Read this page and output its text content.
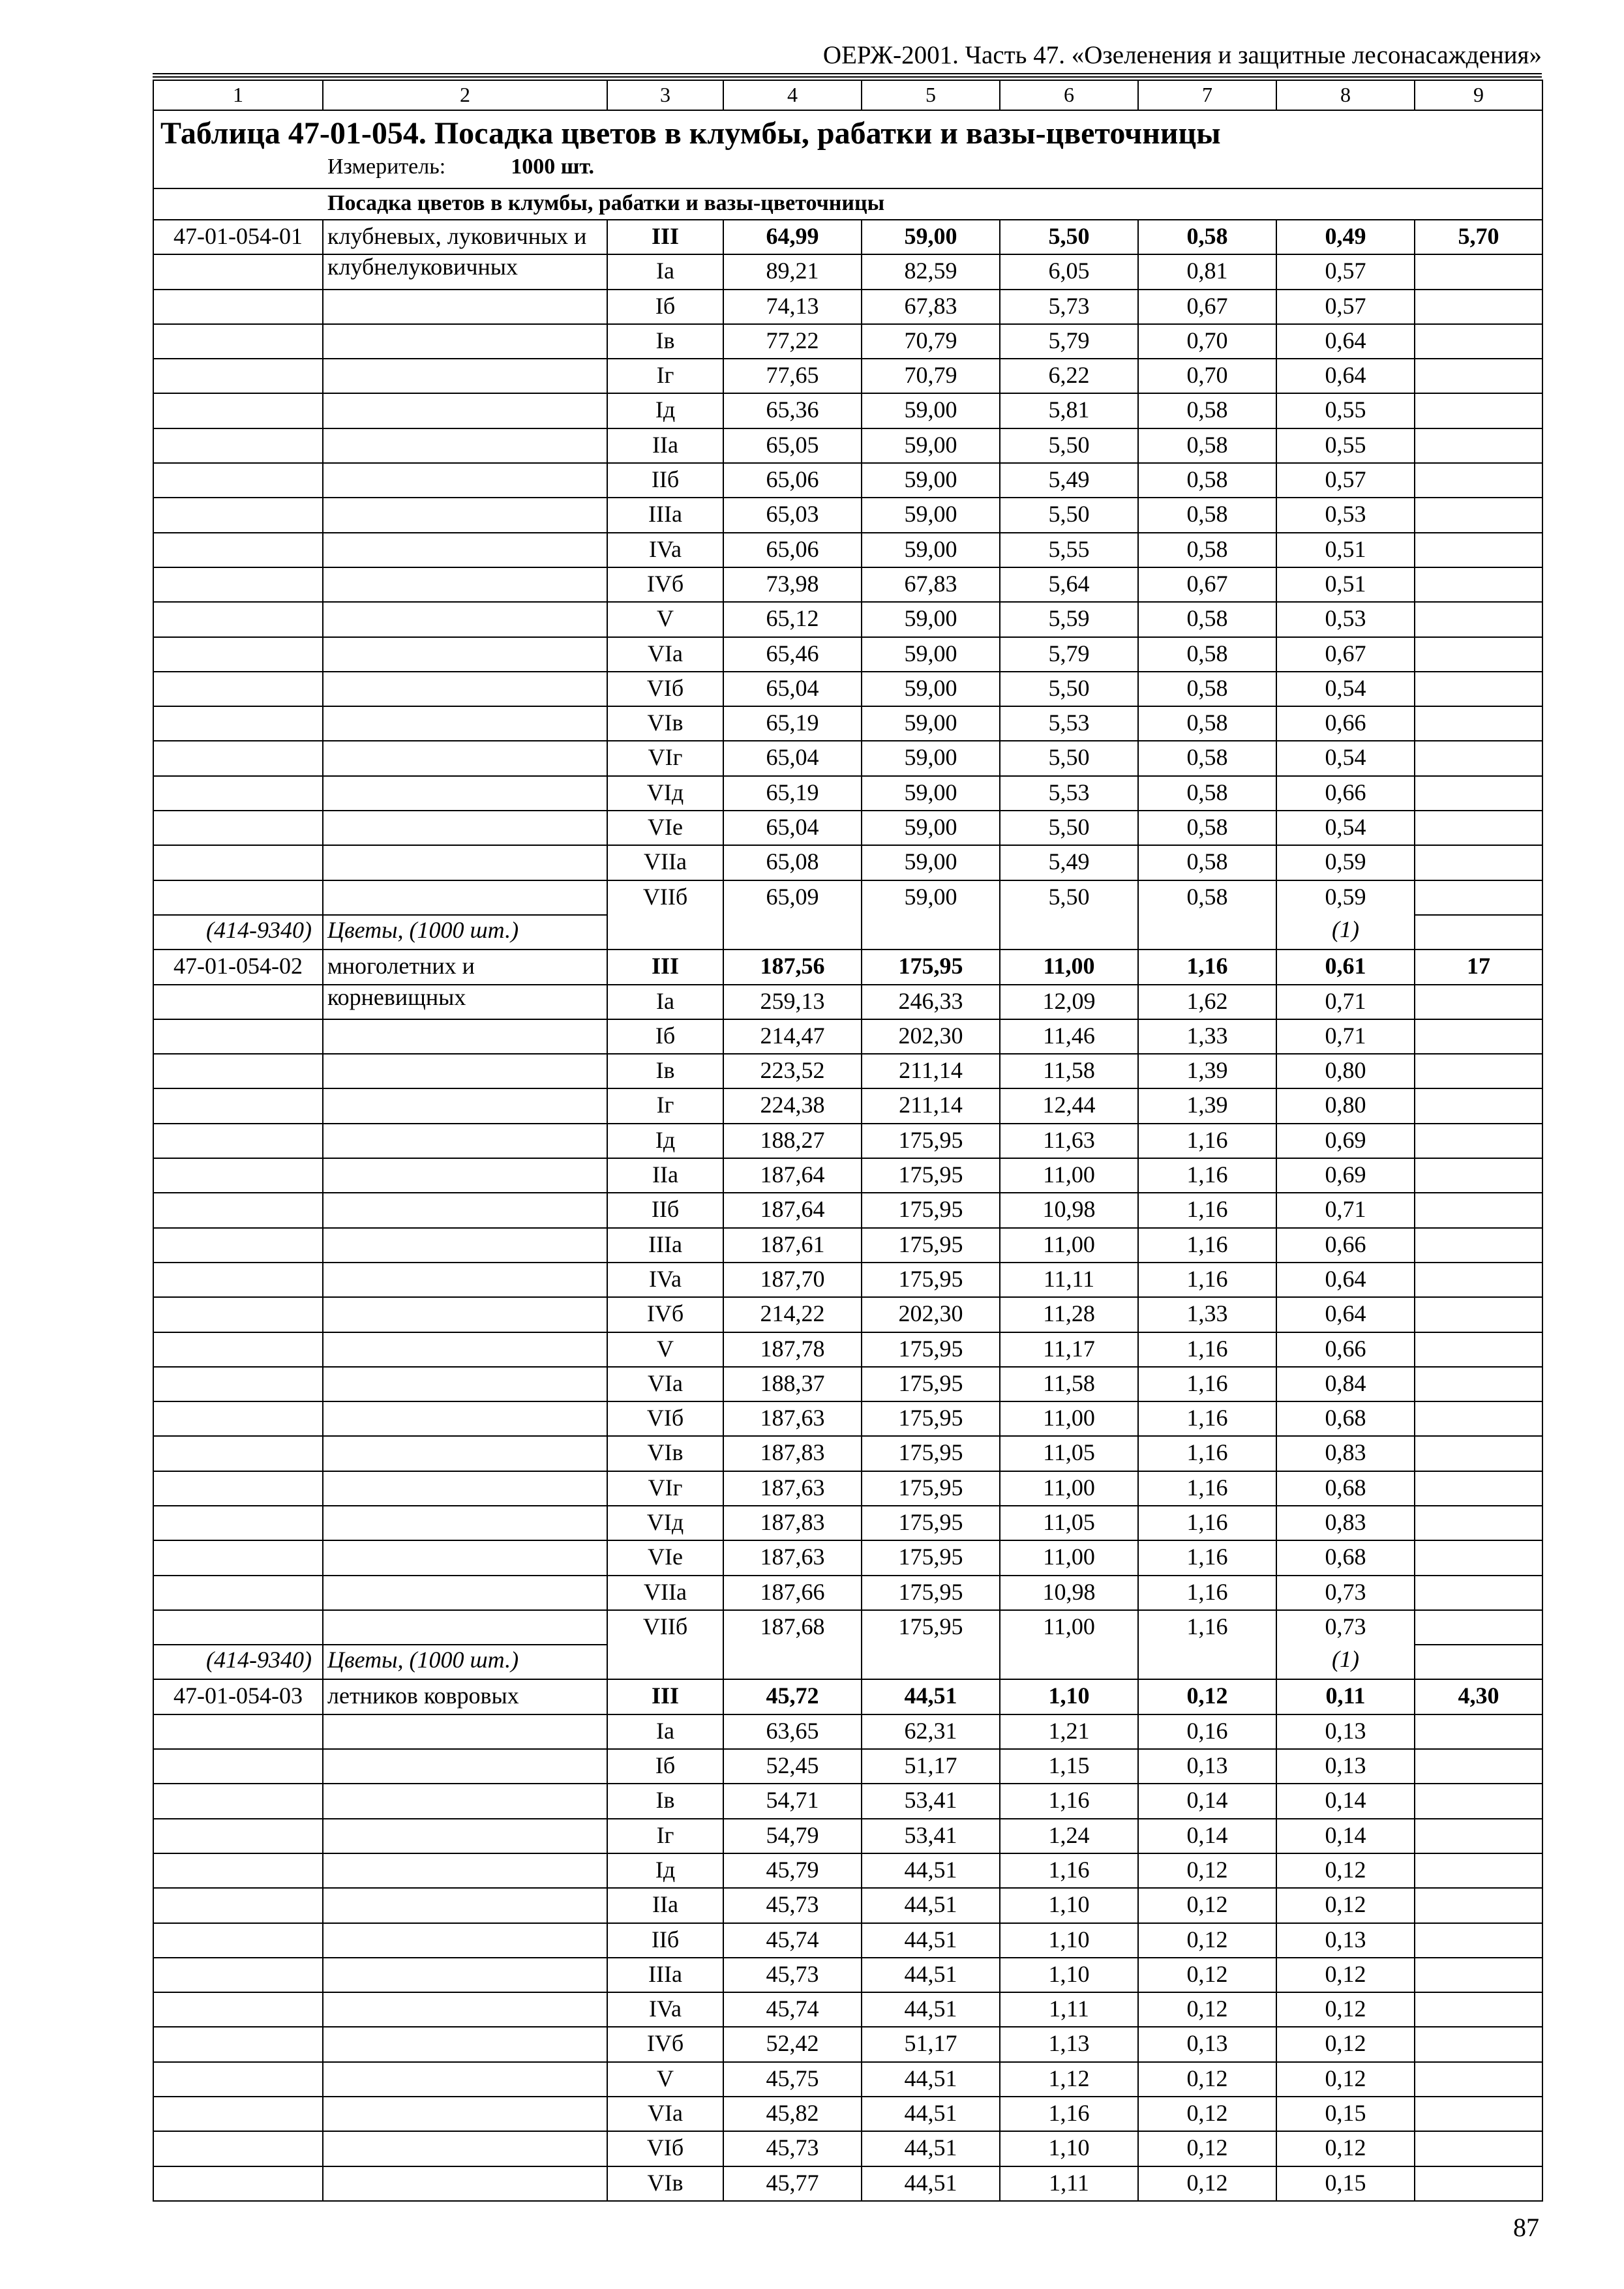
ОЕРЖ-2001. Часть 47. «Озеленения и защитные лесонасаждения»
1	2	3	4	5	6	7	8	9

Таблица 47-01-054. Посадка цветов в клумбы, рабатки и вазы-цветочницы
Измеритель: 1000 шт.								

Посадка цветов в клумбы, рабатки и вазы-цветочницы								

47-01-054-01	клубневых, луковичных и	III	64,99	59,00	5,50	0,58	0,49	5,70
	клубнелуковичных	Ia	89,21	82,59	6,05	0,81	0,57	
		Iб	74,13	67,83	5,73	0,67	0,57	
		Iв	77,22	70,79	5,79	0,70	0,64	
		Iг	77,65	70,79	6,22	0,70	0,64	
		Iд	65,36	59,00	5,81	0,58	0,55	
		IIa	65,05	59,00	5,50	0,58	0,55	
		IIб	65,06	59,00	5,49	0,58	0,57	
		IIIa	65,03	59,00	5,50	0,58	0,53	
		IVa	65,06	59,00	5,55	0,58	0,51	
		IVб	73,98	67,83	5,64	0,67	0,51	
		V	65,12	59,00	5,59	0,58	0,53	
		VIa	65,46	59,00	5,79	0,58	0,67	
		VIб	65,04	59,00	5,50	0,58	0,54	
		VIв	65,19	59,00	5,53	0,58	0,66	
		VIг	65,04	59,00	5,50	0,58	0,54	
		VIд	65,19	59,00	5,53	0,58	0,66	
		VIe	65,04	59,00	5,50	0,58	0,54	
		VIIa	65,08	59,00	5,49	0,58	0,59	
		VIIб	65,09	59,00	5,50	0,58	0,59	
(414-9340)	Цветы, (1000 шт.)						(1)	
47-01-054-02	многолетних и	III	187,56	175,95	11,00	1,16	0,61	17
	корневищных	Ia	259,13	246,33	12,09	1,62	0,71	
		Iб	214,47	202,30	11,46	1,33	0,71	
		Iв	223,52	211,14	11,58	1,39	0,80	
		Iг	224,38	211,14	12,44	1,39	0,80	
		Iд	188,27	175,95	11,63	1,16	0,69	
		IIa	187,64	175,95	11,00	1,16	0,69	
		IIб	187,64	175,95	10,98	1,16	0,71	
		IIIa	187,61	175,95	11,00	1,16	0,66	
		IVa	187,70	175,95	11,11	1,16	0,64	
		IVб	214,22	202,30	11,28	1,33	0,64	
		V	187,78	175,95	11,17	1,16	0,66	
		VIa	188,37	175,95	11,58	1,16	0,84	
		VIб	187,63	175,95	11,00	1,16	0,68	
		VIв	187,83	175,95	11,05	1,16	0,83	
		VIг	187,63	175,95	11,00	1,16	0,68	
		VIд	187,83	175,95	11,05	1,16	0,83	
		VIe	187,63	175,95	11,00	1,16	0,68	
		VIIa	187,66	175,95	10,98	1,16	0,73	
		VIIб	187,68	175,95	11,00	1,16	0,73	
(414-9340)	Цветы, (1000 шт.)						(1)	
47-01-054-03	летников ковровых	III	45,72	44,51	1,10	0,12	0,11	4,30
		Ia	63,65	62,31	1,21	0,16	0,13	
		Iб	52,45	51,17	1,15	0,13	0,13	
		Iв	54,71	53,41	1,16	0,14	0,14	
		Iг	54,79	53,41	1,24	0,14	0,14	
		Iд	45,79	44,51	1,16	0,12	0,12	
		IIa	45,73	44,51	1,10	0,12	0,12	
		IIб	45,74	44,51	1,10	0,12	0,13	
		IIIa	45,73	44,51	1,10	0,12	0,12	
		IVa	45,74	44,51	1,11	0,12	0,12	
		IVб	52,42	51,17	1,13	0,13	0,12	
		V	45,75	44,51	1,12	0,12	0,12	
		VIa	45,82	44,51	1,16	0,12	0,15	
		VIб	45,73	44,51	1,10	0,12	0,12	
		VIв	45,77	44,51	1,11	0,12	0,15	
87
